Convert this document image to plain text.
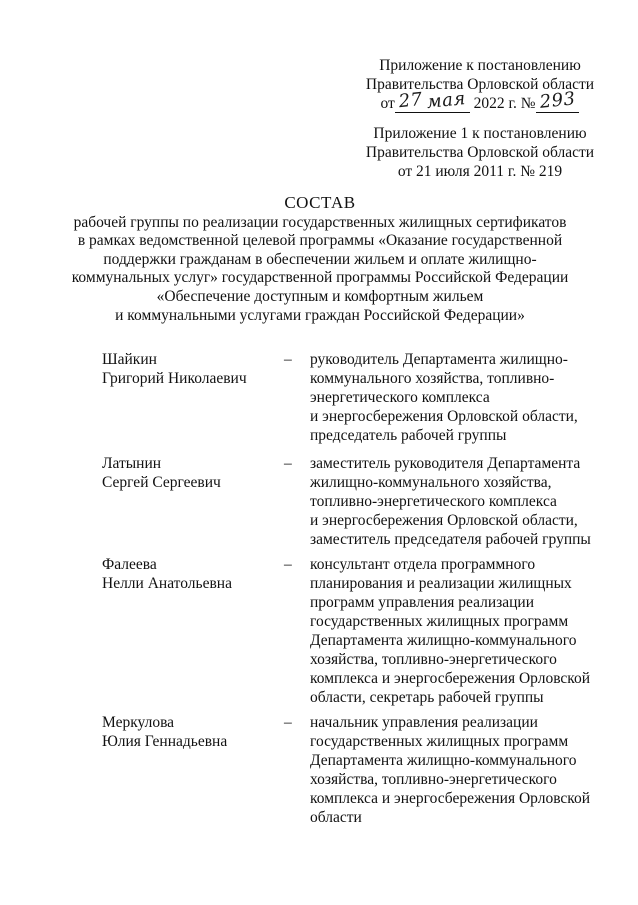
Приложение к постановлению
Правительства Орловской области
от 27 мая 2022 г. № 293
Приложение 1 к постановлению
Правительства Орловской области
от 21 июля 2011 г. № 219
СОСТАВ
рабочей группы по реализации государственных жилищных сертификатов
в рамках ведомственной целевой программы «Оказание государственной
поддержки гражданам в обеспечении жильем и оплате жилищно-
коммунальных услуг» государственной программы Российской Федерации
«Обеспечение доступным и комфортным жильем
и коммунальными услугами граждан Российской Федерации»
Шайкин
Григорий Николаевич
– руководитель Департамента жилищно-
коммунального хозяйства, топливно-
энергетического комплекса
и энергосбережения Орловской области,
председатель рабочей группы
Латынин
Сергей Сергеевич
– заместитель руководителя Департамента
жилищно-коммунального хозяйства,
топливно-энергетического комплекса
и энергосбережения Орловской области,
заместитель председателя рабочей группы
Фалеева
Нелли Анатольевна
– консультант отдела программного
планирования и реализации жилищных
программ управления реализации
государственных жилищных программ
Департамента жилищно-коммунального
хозяйства, топливно-энергетического
комплекса и энергосбережения Орловской
области, секретарь рабочей группы
Меркулова
Юлия Геннадьевна
– начальник управления реализации
государственных жилищных программ
Департамента жилищно-коммунального
хозяйства, топливно-энергетического
комплекса и энергосбережения Орловской
области
